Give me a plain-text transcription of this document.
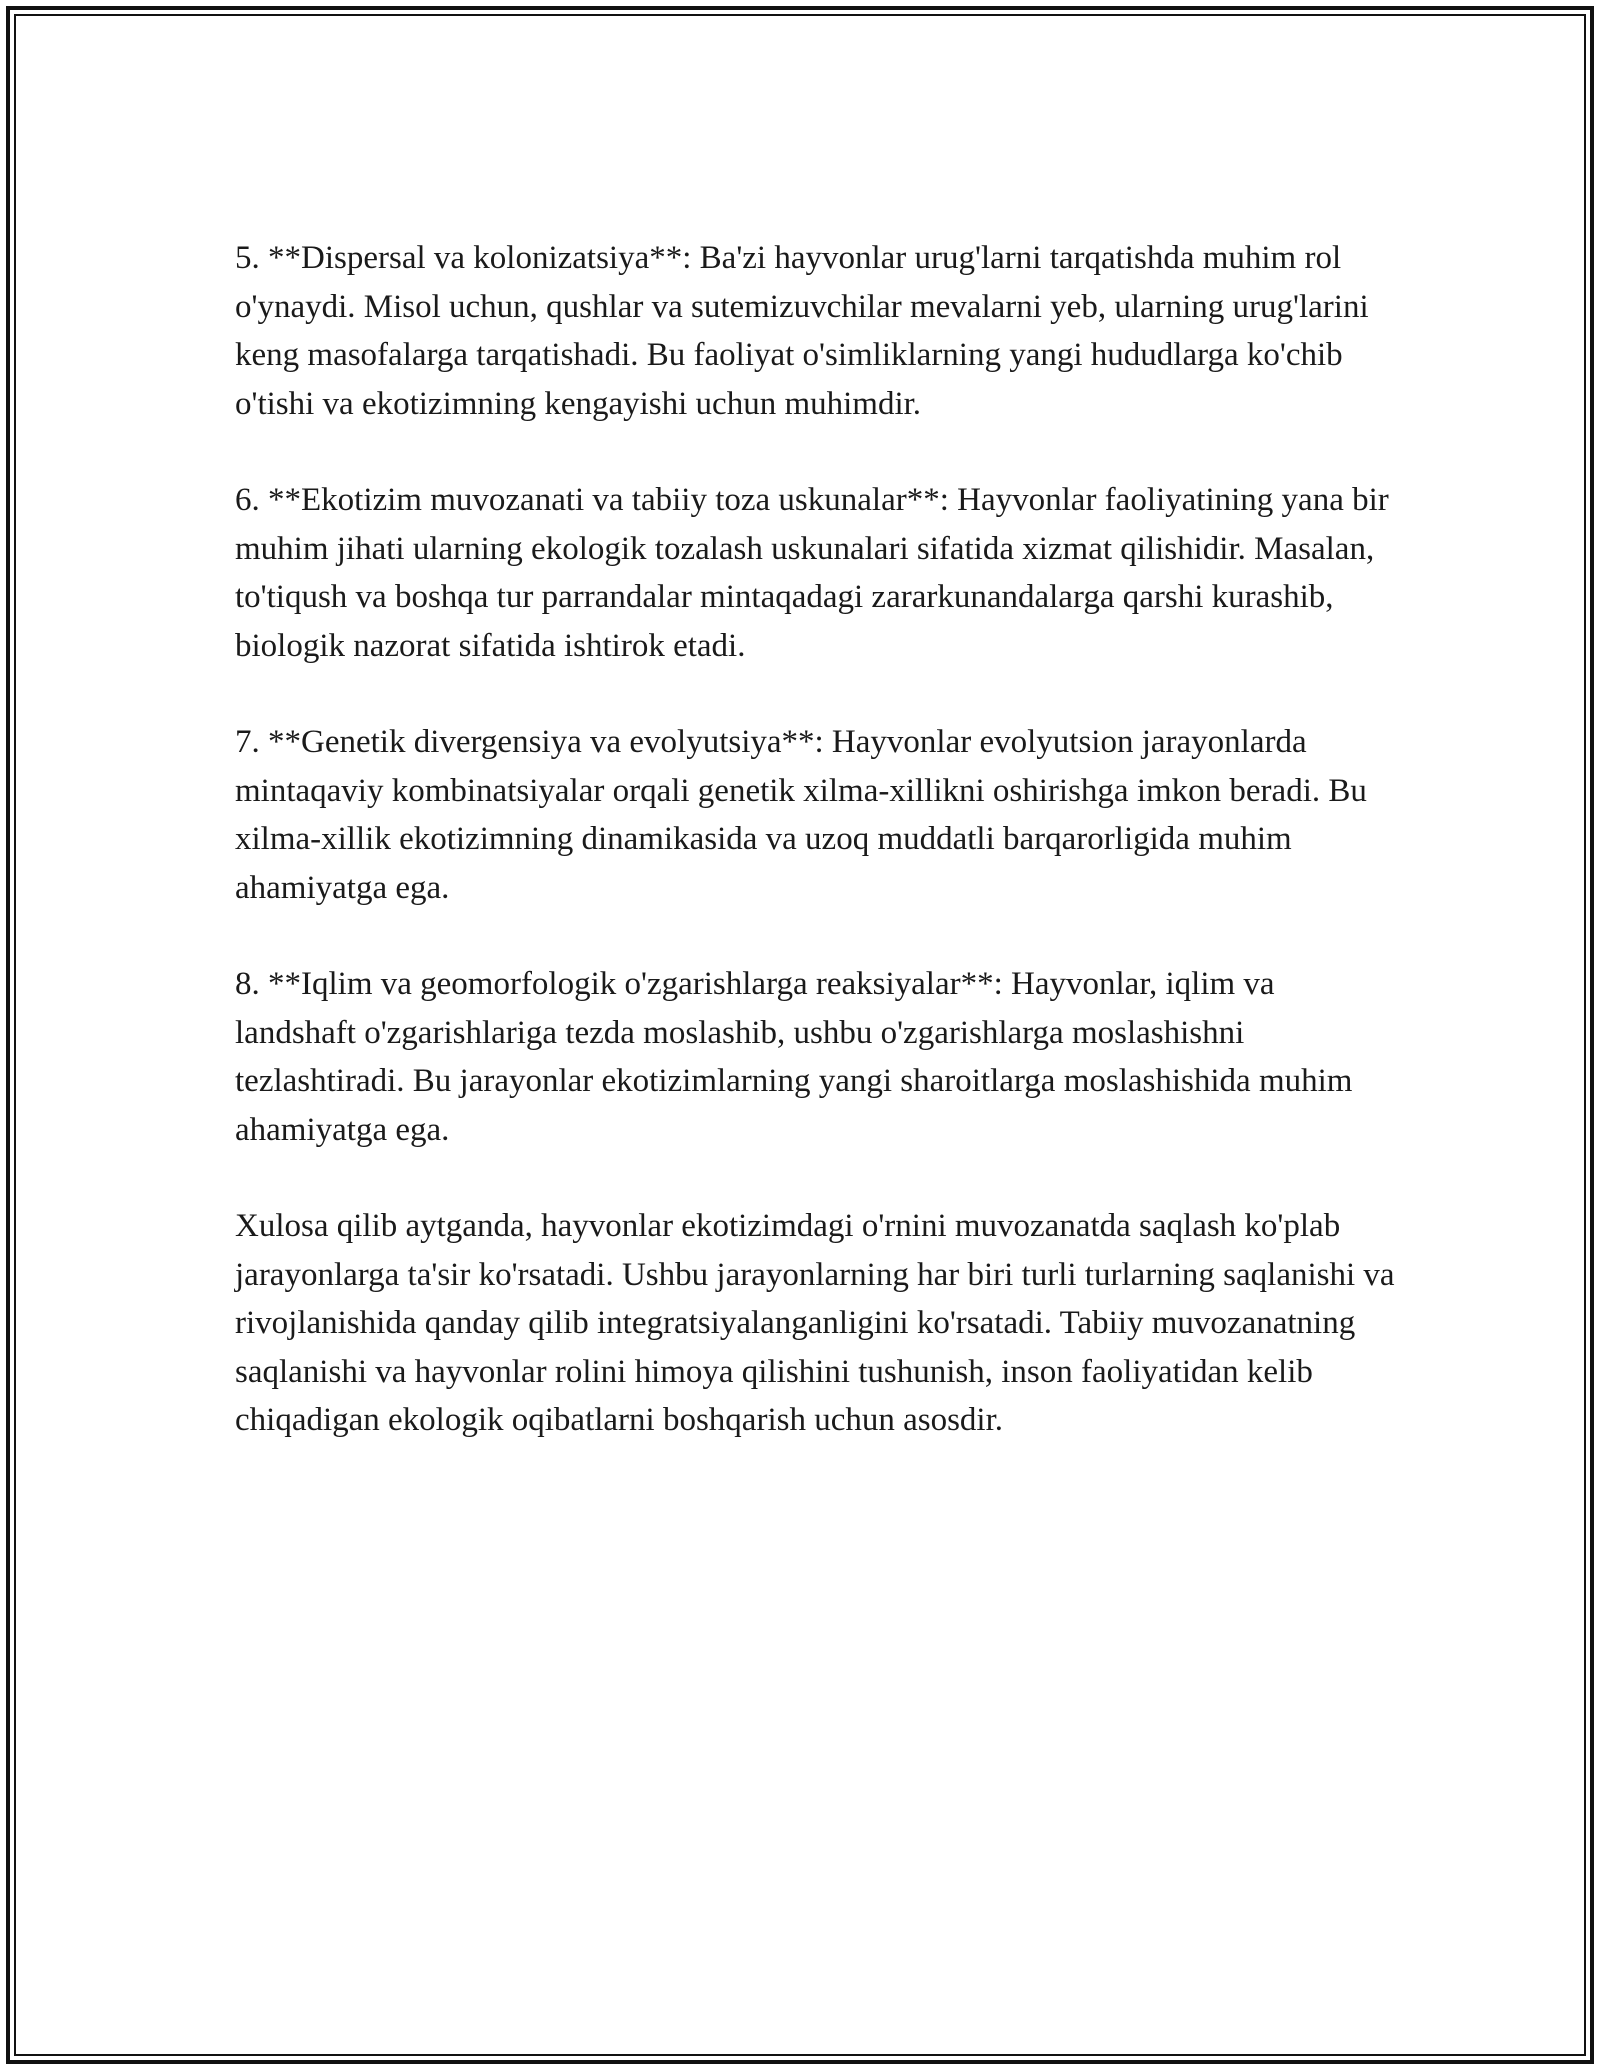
5. **Dispersal va kolonizatsiya**: Ba'zi hayvonlar urug'larni tarqatishda muhim rol o'ynaydi. Misol uchun, qushlar va sutemizuvchilar mevalarni yeb, ularning urug'larini keng masofalarga tarqatishadi. Bu faoliyat o'simliklarning yangi hududlarga ko'chib o'tishi va ekotizimning kengayishi uchun muhimdir.

6. **Ekotizim muvozanati va tabiiy toza uskunalar**: Hayvonlar faoliyatining yana bir muhim jihati ularning ekologik tozalash uskunalari sifatida xizmat qilishidir. Masalan, to'tiqush va boshqa tur parrandalar mintaqadagi zararkunandalarga qarshi kurashib, biologik nazorat sifatida ishtirok etadi.

7. **Genetik divergensiya va evolyutsiya**: Hayvonlar evolyutsion jarayonlarda mintaqaviy kombinatsiyalar orqali genetik xilma-xillikni oshirishga imkon beradi. Bu xilma-xillik ekotizimning dinamikasida va uzoq muddatli barqarorligida muhim ahamiyatga ega.

8. **Iqlim va geomorfologik o'zgarishlarga reaksiyalar**: Hayvonlar, iqlim va landshaft o'zgarishlariga tezda moslashib, ushbu o'zgarishlarga moslashishni tezlashtiradi. Bu jarayonlar ekotizimlarning yangi sharoitlarga moslashishida muhim ahamiyatga ega.

Xulosa qilib aytganda, hayvonlar ekotizimdagi o'rnini muvozanatda saqlash ko'plab jarayonlarga ta'sir ko'rsatadi. Ushbu jarayonlarning har biri turli turlarning saqlanishi va rivojlanishida qanday qilib integratsiyalanganligini ko'rsatadi. Tabiiy muvozanatning saqlanishi va hayvonlar rolini himoya qilishini tushunish, inson faoliyatidan kelib chiqadigan ekologik oqibatlarni boshqarish uchun asosdir.
